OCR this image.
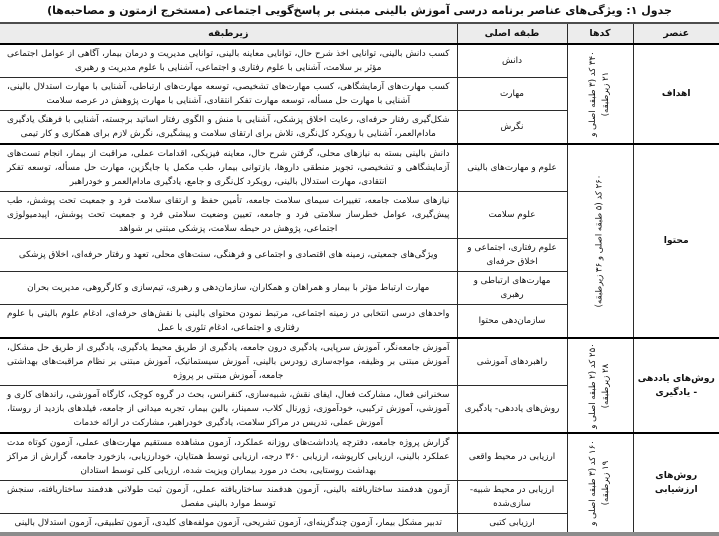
جدول ۱: ویژگی‌های عناصر برنامه درسی آموزش بالینی مبتنی بر پاسخ‌گویی اجتماعی (مستخرج ازمتون و مصاحبه‌ها)
عنصر	کدها	طبقه اصلی	زیرطبقه
اهداف	۳۴۰ کد (۳ طبقه اصلی و ۲۱ زیرطبقه)	دانش	کسب دانش بالینی، توانایی اخذ شرح حال، توانایی معاینه بالینی، توانایی مدیریت و درمان بیمار، آگاهی از عوامل اجتماعی مؤثر بر سلامت، آشنایی با علوم رفتاری و اجتماعی، آشنایی با علوم مدیریت و رهبری
		مهارت	کسب مهارت‌های آزمایشگاهی، کسب مهارت‌های تشخیصی، توسعه مهارت‌های ارتباطی، آشنایی با مهارت استدلال بالینی، آشنایی با مهارت حل مسأله، توسعه مهارت تفکر انتقادی، آشنایی با مهارت پژوهش در عرصه سلامت
		نگرش	شکل‌گیری رفتار حرفه‌ای، رعایت اخلاق پزشکی، آشنایی با منش و الگوی رفتار اساتید برجسته، آشنایی با فرهنگ یادگیری مادام‌العمر، آشنایی با رویکرد کل‌نگری، تلاش برای ارتقای سلامت و پیشگیری، نگرش لازم برای همکاری و کار تیمی
محتوا	۲۶۰ کد (۵ طبقه اصلی و ۳۶ زیرطبقه)	علوم و مهارت‌های بالینی	دانش بالینی بسته به نیازهای محلی، گرفتن شرح حال، معاینه فیزیکی، اقدامات عملی، مراقبت از بیمار، انجام تست‌های آزمایشگاهی و تشخیصی، تجویز منطقی داروها، بازتوانی بیمار، طب مکمل یا جایگزین، مهارت حل مسأله، توسعه تفکر انتقادی، مهارت استدلال بالینی، رویکرد کل‌نگری و جامع، یادگیری مادام‌العمر و خودراهبر
		علوم سلامت	نیازهای سلامت جامعه، تغییرات سیمای سلامت جامعه، تأمین حفظ و ارتقای سلامت فرد و جمعیت تحت پوشش، طب پیش‌گیری، عوامل خطرساز سلامتی فرد و جامعه، تعیین وضعیت سلامتی فرد و جمعیت تحت پوشش، اپیدمیولوژی اجتماعی، پژوهش در حیطه سلامت، پزشکی مبتنی بر شواهد
		علوم رفتاری، اجتماعی و اخلاق حرفه‌ای	ویژگی‌های جمعیتی، زمینه های اقتصادی و اجتماعی و فرهنگی، سنت‌های محلی، تعهد و رفتار حرفه‌ای، اخلاق پزشکی
		مهارت‌های ارتباطی و رهبری	مهارت ارتباط مؤثر با بیمار و همراهان و همکاران، سازمان‌دهی و رهبری، تیم‌سازی و کارگروهی، مدیریت بحران
		سازمان‌دهی محتوا	واحدهای درسی انتخابی در زمینه اجتماعی، مرتبط نمودن محتوای بالینی با نقش‌های حرفه‌ای، ادغام علوم بالینی با علوم رفتاری و اجتماعی، ادغام تئوری با عمل
روش‌های یاددهی - یادگیری	۲۵۰ کد (۲ طبقه اصلی و ۲۸ زیرطبقه)	راهبردهای آموزشی	آموزش جامعه‌نگر، آموزش سرپایی، یادگیری درون جامعه، یادگیری از طریق محیط یادگیری، یادگیری از طریق حل مشکل، آموزش مبتنی بر وظیفه، مواجه‌سازی زودرس بالینی، آموزش سیستماتیک، آموزش مبتنی بر نظام مراقبت‌های بهداشتی جامعه، آموزش مبتنی بر پروژه
		روش‌های یاددهی- یادگیری	سخنرانی فعال، مشارکت فعال، ایفای نقش، شبیه‌سازی، کنفرانس، بحث در گروه کوچک، کارگاه آموزشی، راندهای کاری و آموزشی، آموزش ترکیبی، خودآموزی، ژورنال کلاب، سمینار، بالین بیمار، تجربه میدانی از جامعه، فیلدهای بازدید از روستا، آموزش عملی، تدریس در مراکز سلامت، یادگیری خودراهبر، مشارکت در ارائه خدمات
روش‌های ارزشیابی	۱۶۰ کد (۳ طبقه اصلی و ۱۹ زیرطبقه)	ارزیابی در محیط واقعی	گزارش پروژه جامعه، دفترچه یادداشت‌های روزانه عملکرد، آزمون مشاهده مستقیم مهارت‌های عملی، آزمون کوتاه مدت عملکرد بالینی، ارزیابی کارپوشه، ارزیابی ۳۶۰ درجه، ارزیابی توسط همتایان، خودارزیابی، بازخورد جامعه، گزارش از مراکز بهداشت روستایی، بحث در مورد بیماران ویزیت شده، ارزیابی کلی توسط استادان
		ارزیابی در محیط شبیه‌-سازی‌شده	آزمون هدفمند ساختاریافته بالینی، آزمون هدفمند ساختاریافته عملی، آزمون ثبت طولانی هدفمند ساختاریافته، سنجش توسط موارد بالینی مفصل
		ارزیابی کتبی	تدبیر مشکل بیمار، آزمون چندگزینه‌ای، آزمون تشریحی، آزمون مولفه‌های کلیدی، آزمون تطبیقی، آزمون استدلال بالینی
